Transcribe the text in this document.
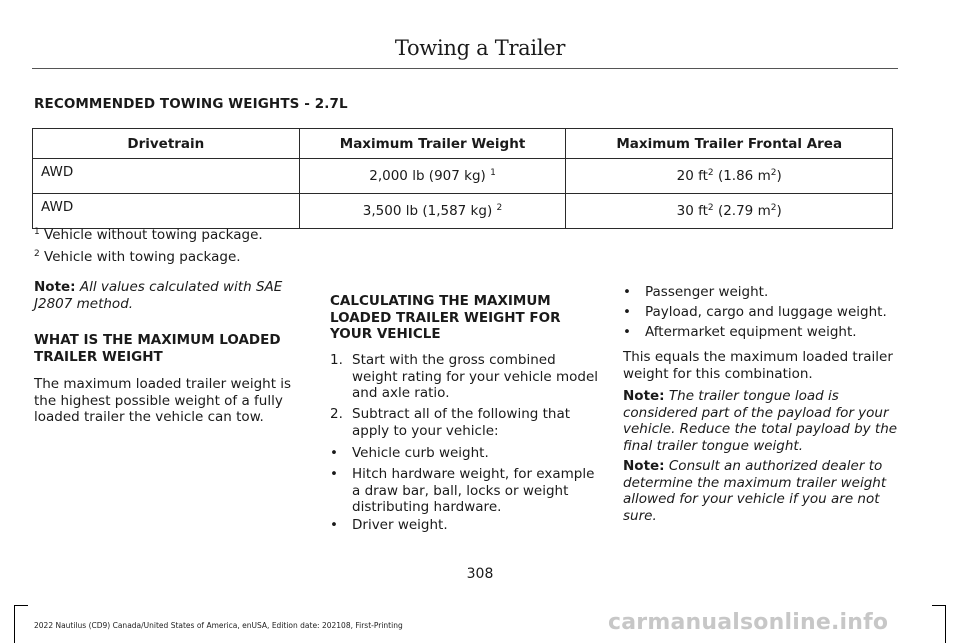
Towing a Trailer
RECOMMENDED TOWING WEIGHTS - 2.7L
Drivetrain	Maximum Trailer Weight	Maximum Trailer Frontal Area
AWD	2,000 lb (907 kg) $^1$	20 $ft^2$ (1.86 $m^2$)
AWD	3,500 lb (1,587 kg) $^2$	30 $ft^2$ (2.79 $m^2$)
$^1$ Vehicle without towing package.
$^2$ Vehicle with towing package.
Note: All values calculated with SAE J2807 method.
WHAT IS THE MAXIMUM LOADED TRAILER WEIGHT
The maximum loaded trailer weight is the highest possible weight of a fully loaded trailer the vehicle can tow.
CALCULATING THE MAXIMUM LOADED TRAILER WEIGHT FOR YOUR VEHICLE
1. Start with the gross combined weight rating for your vehicle model and axle ratio.
2. Subtract all of the following that apply to your vehicle:
• Vehicle curb weight.
• Hitch hardware weight, for example a draw bar, ball, locks or weight distributing hardware.
• Driver weight.
• Passenger weight.
• Payload, cargo and luggage weight.
• Aftermarket equipment weight.
This equals the maximum loaded trailer weight for this combination.
Note: The trailer tongue load is considered part of the payload for your vehicle. Reduce the total payload by the final trailer tongue weight.
Note: Consult an authorized dealer to determine the maximum trailer weight allowed for your vehicle if you are not sure.
308
2022 Nautilus (CD9) Canada/United States of America, enUSA, Edition date: 202108, First-Printing	carmanualsonline.info
